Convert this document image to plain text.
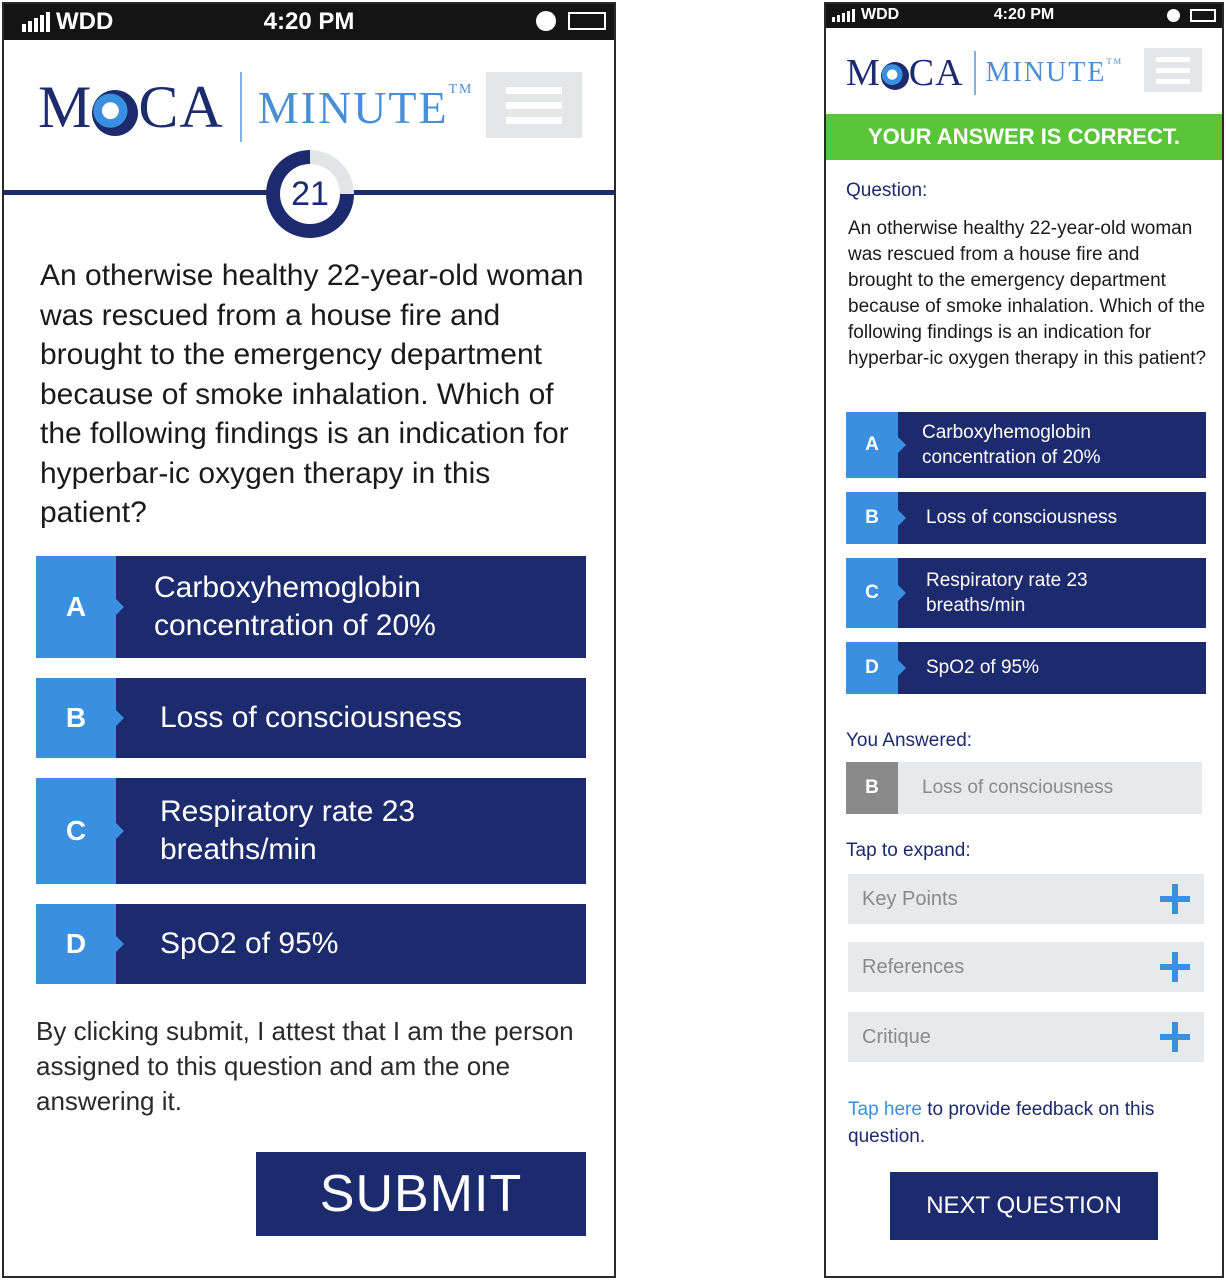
WDD	4:20 PM
M CA MINUTE™
21
An otherwise healthy 22-year-old woman was rescued from a house fire and brought to the emergency department because of smoke inhalation. Which of the following findings is an indication for hyperbar-ic oxygen therapy in this patient?
A
Carboxyhemoglobin
concentration of 20%
B	Loss of consciousness
C
Respiratory rate 23
breaths/min
D	SpO2 of 95%
By clicking submit, I attest that I am the person assigned to this question and am the one answering it.
SUBMIT
WDD	4:20 PM
M CA MINUTE™
YOUR ANSWER IS CORRECT.
Question:
An otherwise healthy 22-year-old woman was rescued from a house fire and brought to the emergency department because of smoke inhalation. Which of the following findings is an indication for hyperbar-ic oxygen therapy in this patient?
A
Carboxyhemoglobin
concentration of 20%
B	Loss of consciousness
C
Respiratory rate 23
breaths/min
D	SpO2 of 95%
You Answered:
B	Loss of consciousness
Tap to expand:
Key Points
References
Critique
Tap here to provide feedback on this question.
NEXT QUESTION
